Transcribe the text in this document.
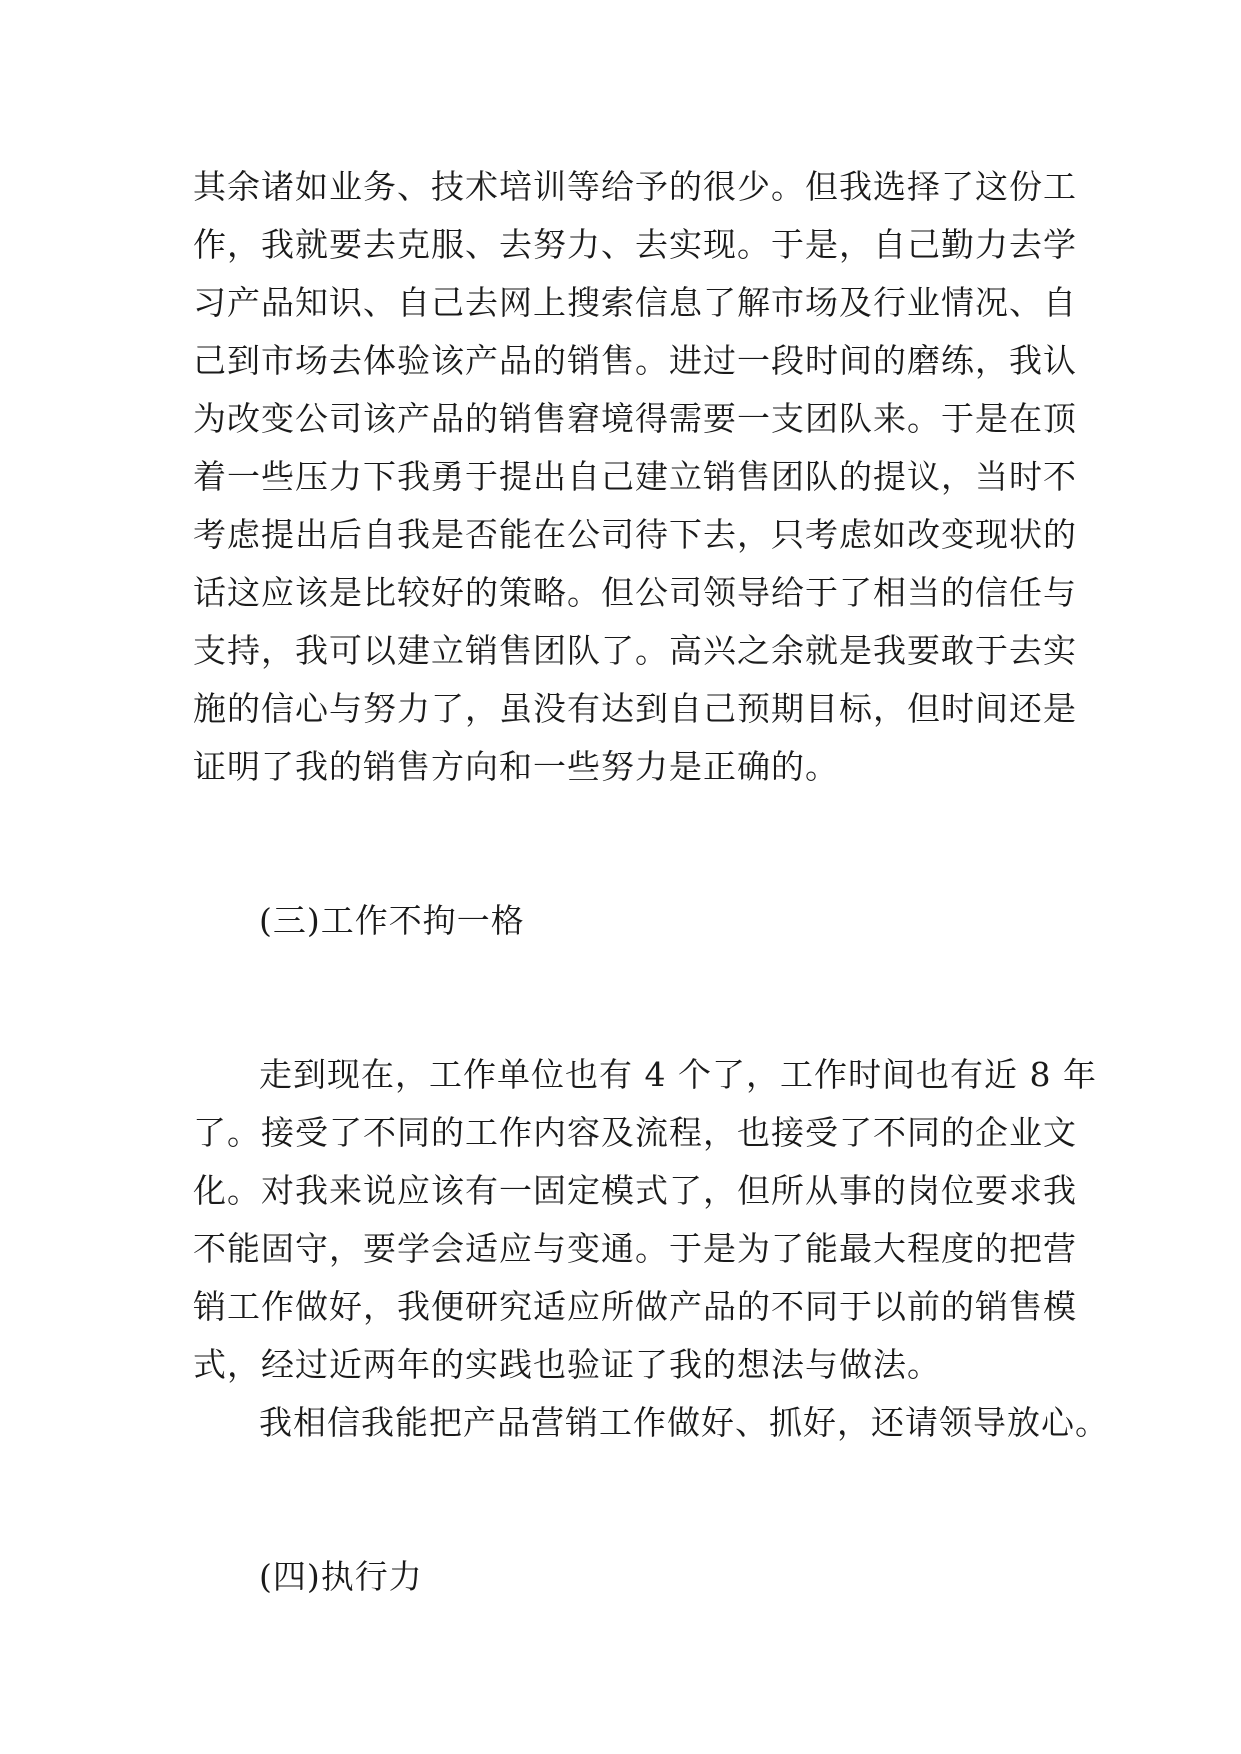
其余诸如业务、技术培训等给予的很少。但我选择了这份工
作，我就要去克服、去努力、去实现。于是，自己勤力去学
习产品知识、自己去网上搜索信息了解市场及行业情况、自
己到市场去体验该产品的销售。进过一段时间的磨练，我认
为改变公司该产品的销售窘境得需要一支团队来。于是在顶
着一些压力下我勇于提出自己建立销售团队的提议，当时不
考虑提出后自我是否能在公司待下去，只考虑如改变现状的
话这应该是比较好的策略。但公司领导给于了相当的信任与
支持，我可以建立销售团队了。高兴之余就是我要敢于去实
施的信心与努力了，虽没有达到自己预期目标，但时间还是
证明了我的销售方向和一些努力是正确的。
(三)工作不拘一格
走到现在，工作单位也有 4 个了，工作时间也有近 8 年
了。接受了不同的工作内容及流程，也接受了不同的企业文
化。对我来说应该有一固定模式了，但所从事的岗位要求我
不能固守，要学会适应与变通。于是为了能最大程度的把营
销工作做好，我便研究适应所做产品的不同于以前的销售模
式，经过近两年的实践也验证了我的想法与做法。
我相信我能把产品营销工作做好、抓好，还请领导放心。
(四)执行力
